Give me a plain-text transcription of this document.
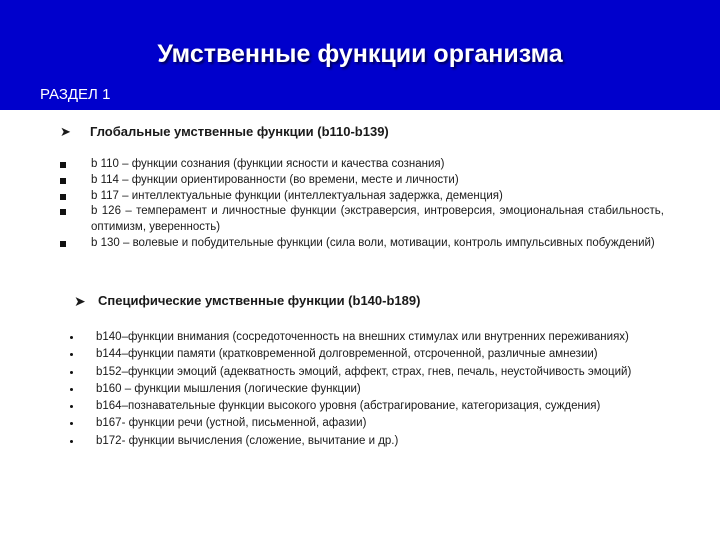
Умственные функции организма
РАЗДЕЛ 1
➤ Глобальные умственные функции (b110-b139)
b 110 – функции сознания (функции ясности и качества сознания)
b 114 – функции ориентированности (во времени, месте и личности)
b 117 – интеллектуальные функции (интеллектуальная задержка, деменция)
b 126 – темперамент и личностные функции (экстраверсия, интроверсия, эмоциональная стабильность, оптимизм, уверенность)
b 130 – волевые и побудительные функции (сила воли, мотивации, контроль импульсивных побуждений)
➤ Специфические умственные функции (b140-b189)
b140–функции внимания (сосредоточенность на внешних стимулах или внутренних переживаниях)
b144–функции памяти (кратковременной долговременной, отсроченной, различные амнезии)
b152–функции эмоций (адекватность эмоций, аффект, страх, гнев, печаль, неустойчивость эмоций)
b160 – функции мышления (логические функции)
b164–познавательные функции высокого уровня (абстрагирование, категоризация, суждения)
b167- функции речи (устной, письменной, афазии)
b172- функции вычисления (сложение, вычитание и др.)
